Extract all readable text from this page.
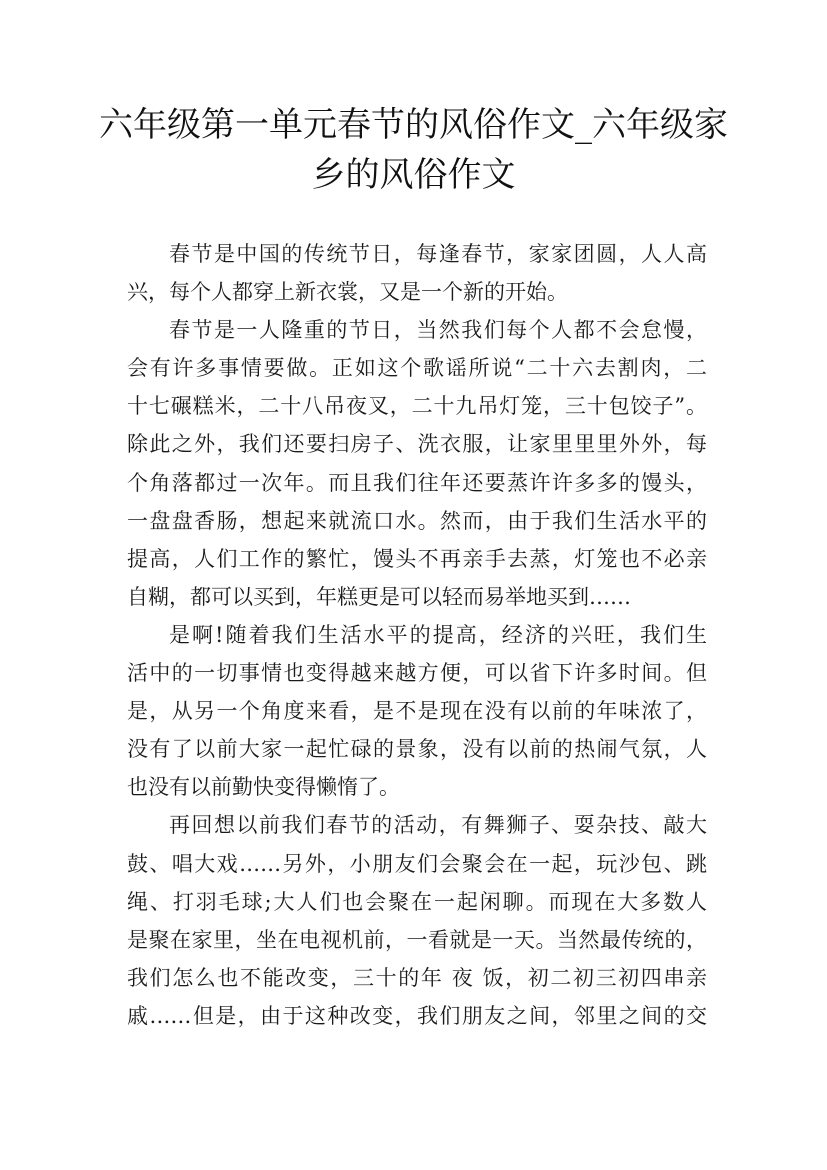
六年级第一单元春节的风俗作文_六年级家
乡的风俗作文
春节是中国的传统节日，每逢春节，家家团圆，人人高
兴，每个人都穿上新衣裳，又是一个新的开始。
春节是一人隆重的节日，当然我们每个人都不会怠慢，
会有许多事情要做。正如这个歌谣所说“二十六去割肉，二
十七碾糕米，二十八吊夜叉，二十九吊灯笼，三十包饺子”。
除此之外，我们还要扫房子、洗衣服，让家里里里外外，每
个角落都过一次年。而且我们往年还要蒸许许多多的馒头，
一盘盘香肠，想起来就流口水。然而，由于我们生活水平的
提高，人们工作的繁忙，馒头不再亲手去蒸，灯笼也不必亲
自糊，都可以买到，年糕更是可以轻而易举地买到……
是啊!随着我们生活水平的提高，经济的兴旺，我们生
活中的一切事情也变得越来越方便，可以省下许多时间。但
是，从另一个角度来看，是不是现在没有以前的年味浓了，
没有了以前大家一起忙碌的景象，没有以前的热闹气氛，人
也没有以前勤快变得懒惰了。
再回想以前我们春节的活动，有舞狮子、耍杂技、敲大
鼓、唱大戏……另外，小朋友们会聚会在一起，玩沙包、跳
绳、打羽毛球;大人们也会聚在一起闲聊。而现在大多数人
是聚在家里，坐在电视机前，一看就是一天。当然最传统的，
我们怎么也不能改变，三十的年 夜 饭，初二初三初四串亲
戚……但是，由于这种改变，我们朋友之间，邻里之间的交
